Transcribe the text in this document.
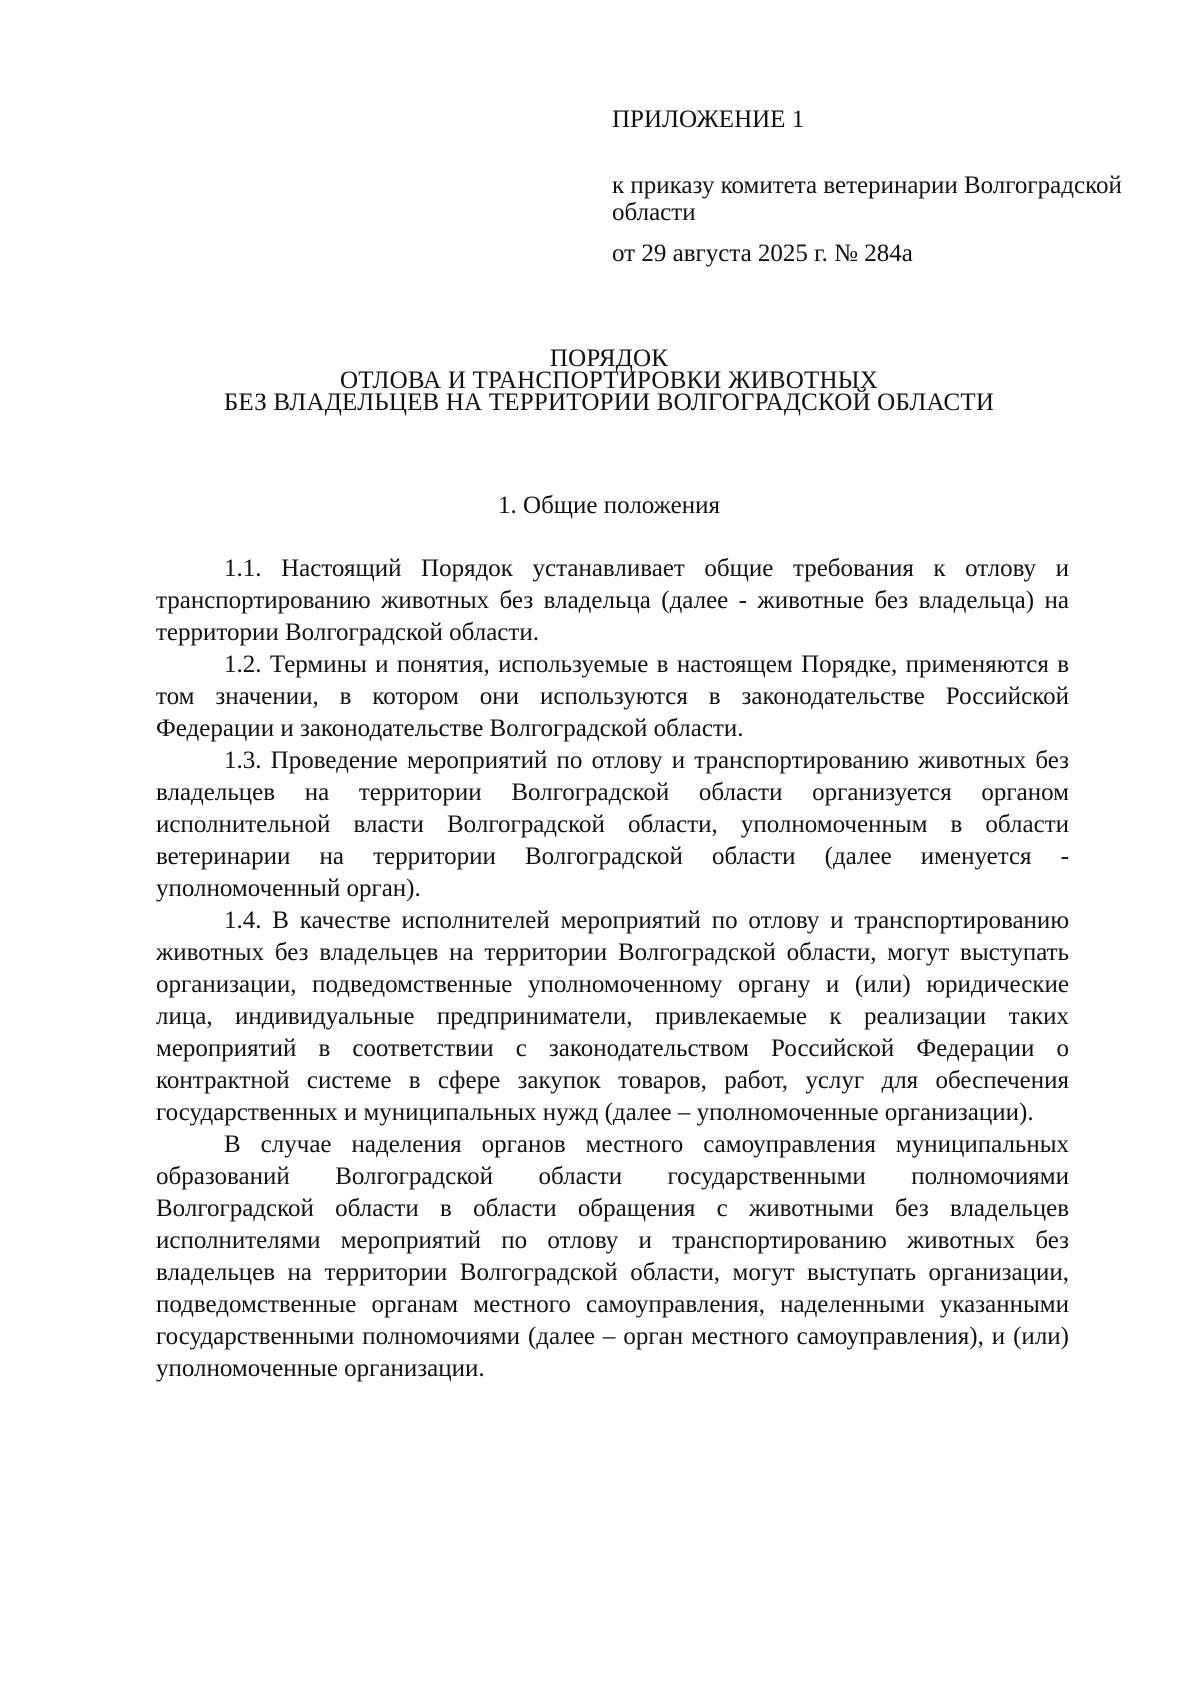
ПРИЛОЖЕНИЕ 1
к приказу комитета ветеринарии Волгоградской области
от 29 августа 2025 г. № 284а
ПОРЯДОК
ОТЛОВА И ТРАНСПОРТИРОВКИ ЖИВОТНЫХ
БЕЗ ВЛАДЕЛЬЦЕВ НА ТЕРРИТОРИИ ВОЛГОГРАДСКОЙ ОБЛАСТИ
1. Общие положения

1.1. Настоящий Порядок устанавливает общие требования к отлову и транспортированию животных без владельца (далее - животные без владельца) на территории Волгоградской области.

1.2. Термины и понятия, используемые в настоящем Порядке, применяются в том значении, в котором они используются в законодательстве Российской Федерации и законодательстве Волгоградской области.

1.3. Проведение мероприятий по отлову и транспортированию животных без владельцев на территории Волгоградской области организуется органом исполнительной власти Волгоградской области, уполномоченным в области ветеринарии на территории Волгоградской области (далее именуется - уполномоченный орган).

1.4. В качестве исполнителей мероприятий по отлову и транспортированию животных без владельцев на территории Волгоградской области, могут выступать организации, подведомственные уполномоченному органу и (или) юридические лица, индивидуальные предприниматели, привлекаемые к реализации таких мероприятий в соответствии с законодательством Российской Федерации о контрактной системе в сфере закупок товаров, работ, услуг для обеспечения государственных и муниципальных нужд (далее – уполномоченные организации).

В случае наделения органов местного самоуправления муниципальных образований Волгоградской области государственными полномочиями Волгоградской области в области обращения с животными без владельцев исполнителями мероприятий по отлову и транспортированию животных без владельцев на территории Волгоградской области, могут выступать организации, подведомственные органам местного самоуправления, наделенными указанными государственными полномочиями (далее – орган местного самоуправления), и (или) уполномоченные организации.
